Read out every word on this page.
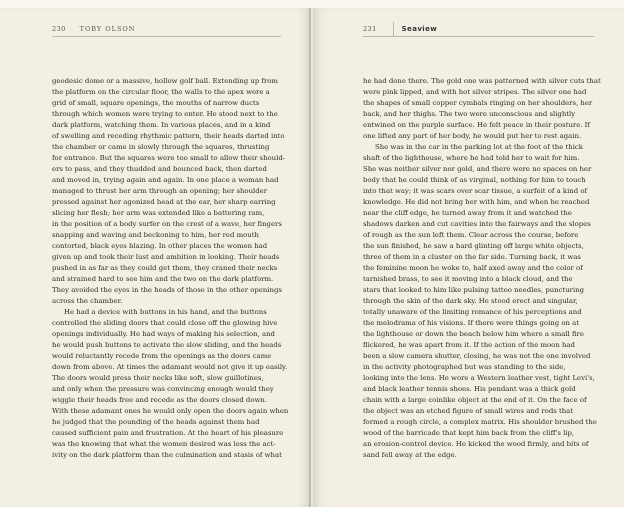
230 TOBY OLSON
geodesic dome or a massive, hollow golf ball. Extending up from
the platform on the circular floor, the walls to the apex were a
grid of small, square openings, the mouths of narrow ducts
through which women were trying to enter. He stood next to the
dark platform, watching them. In various places, and in a kind
of swelling and receding rhythmic pattern, their heads darted into
the chamber or came in slowly through the squares, thrusting
for entrance. But the squares were too small to allow their should-
ers to pass, and they thudded and bounced back, then darted
and moved in, trying again and again. In one place a woman had
managed to thrust her arm through an opening; her shoulder
pressed against her agonized head at the ear, her sharp earring
slicing her flesh; her arm was extended like a battering ram,
in the position of a body surfer on the crest of a wave, her fingers
snapping and waving and beckoning to him, her red mouth
contorted, black eyes blazing. In other places the women had
given up and took their lust and ambition in looking. Their heads
pushed in as far as they could get them, they craned their necks
and strained hard to see him and the two on the dark platform.
They avoided the eyes in the heads of those in the other openings
across the chamber.
He had a device with buttons in his hand, and the buttons
controlled the sliding doors that could close off the glowing hive
openings individually. He had ways of making his selection, and
he would push buttons to activate the slow sliding, and the heads
would reluctantly recede from the openings as the doors came
down from above. At times the adamant would not give it up easily.
The doors would press their necks like soft, slow guillotines,
and only when the pressure was convincing enough would they
wiggle their heads free and recede as the doors closed down.
With these adamant ones he would only open the doors again when
he judged that the pounding of the heads against them had
caused sufficient pain and frustration. At the heart of his pleasure
was the knowing that what the women desired was less the act-
ivity on the dark platform than the culmination and stasis of what
231	Seaview
he had done there. The gold one was patterned with silver cuts that
were pink lipped, and with hot silver stripes. The silver one had
the shapes of small copper cymbals ringing on her shoulders, her
back, and her thighs. The two were unconscious and slightly
entwined on the purple surface. He felt peace in their posture. If
one lifted any part of her body, he would put her to rest again.
She was in the car in the parking lot at the foot of the thick
shaft of the lighthouse, where he had told her to wait for him.
She was neither silver nor gold, and there were no spaces on her
body that he could think of as virginal, nothing for him to touch
into that way; it was scars over scar tissue, a surfeit of a kind of
knowledge. He did not bring her with him, and when he reached
near the cliff edge, he turned away from it and watched the
shadows darken and cut cavities into the fairways and the slopes
of rough as the sun left them. Clear across the course, before
the sun finished, he saw a hard glinting off large white objects,
three of them in a cluster on the far side. Turning back, it was
the feminine moon he woke to, half axed away and the color of
tarnished brass, to see it moving into a black cloud, and the
stars that looked to him like pulsing tattoo needles, puncturing
through the skin of the dark sky. He stood erect and singular,
totally unaware of the limiting romance of his perceptions and
the melodrama of his visions. If there were things going on at
the lighthouse or down the beach below him where a small fire
flickered, he was apart from it. If the action of the moon had
been a slow camera shutter, closing, he was not the one involved
in the activity photographed but was standing to the side,
looking into the lens. He wore a Western leather vest, tight Levi's,
and black leather tennis shoes. His pendant was a thick gold
chain with a large coinlike object at the end of it. On the face of
the object was an etched figure of small wires and rods that
formed a rough circle, a complex matrix. His shoulder brushed the
wood of the barricade that kept him back from the cliff's lip,
an erosion-control device. He kicked the wood firmly, and bits of
sand fell away at the edge.
